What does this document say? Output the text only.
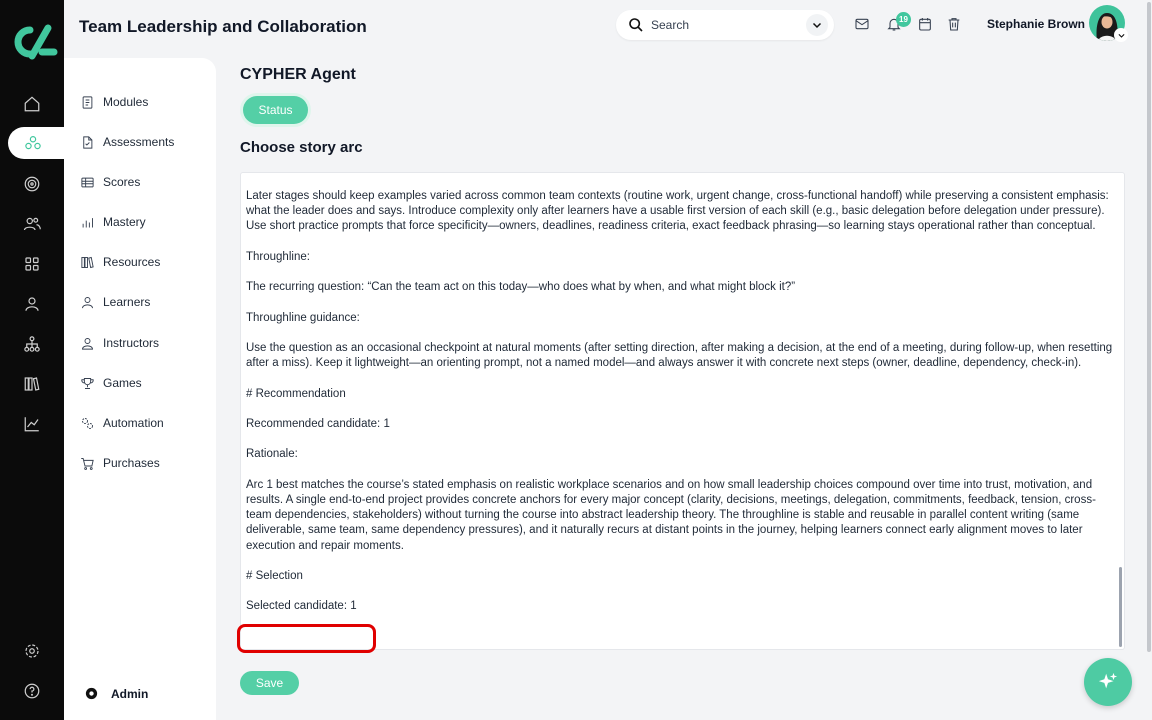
Team Leadership and Collaboration	Search	19	Stephanie Brown
Modules
Assessments
Scores
Mastery
Resources
Learners
Instructors
Games
Automation
Purchases
Admin
CYPHER Agent
Status
Choose story arc

Later stages should keep examples varied across common team contexts (routine work, urgent change, cross-functional handoff) while preserving a consistent emphasis: what the leader does and says. Introduce complexity only after learners have a usable first version of each skill (e.g., basic delegation before delegation under pressure). Use short practice prompts that force specificity—owners, deadlines, readiness criteria, exact feedback phrasing—so learning stays operational rather than conceptual.

Throughline:

The recurring question: “Can the team act on this today—who does what by when, and what might block it?”

Throughline guidance:

Use the question as an occasional checkpoint at natural moments (after setting direction, after making a decision, at the end of a meeting, during follow-up, when resetting after a miss). Keep it lightweight—an orienting prompt, not a named model—and always answer it with concrete next steps (owner, deadline, dependency, check-in).

# Recommendation

Recommended candidate: 1

Rationale:

Arc 1 best matches the course’s stated emphasis on realistic workplace scenarios and on how small leadership choices compound over time into trust, motivation, and results. A single end-to-end project provides concrete anchors for every major concept (clarity, decisions, meetings, delegation, commitments, feedback, tension, cross-team dependencies, stakeholders) without turning the course into abstract leadership theory. The throughline is stable and reusable in parallel content writing (same deliverable, same team, same dependency pressures), and it naturally recurs at distant points in the journey, helping learners connect early alignment moves to later execution and repair moments.

# Selection

Selected candidate: 1

Save
